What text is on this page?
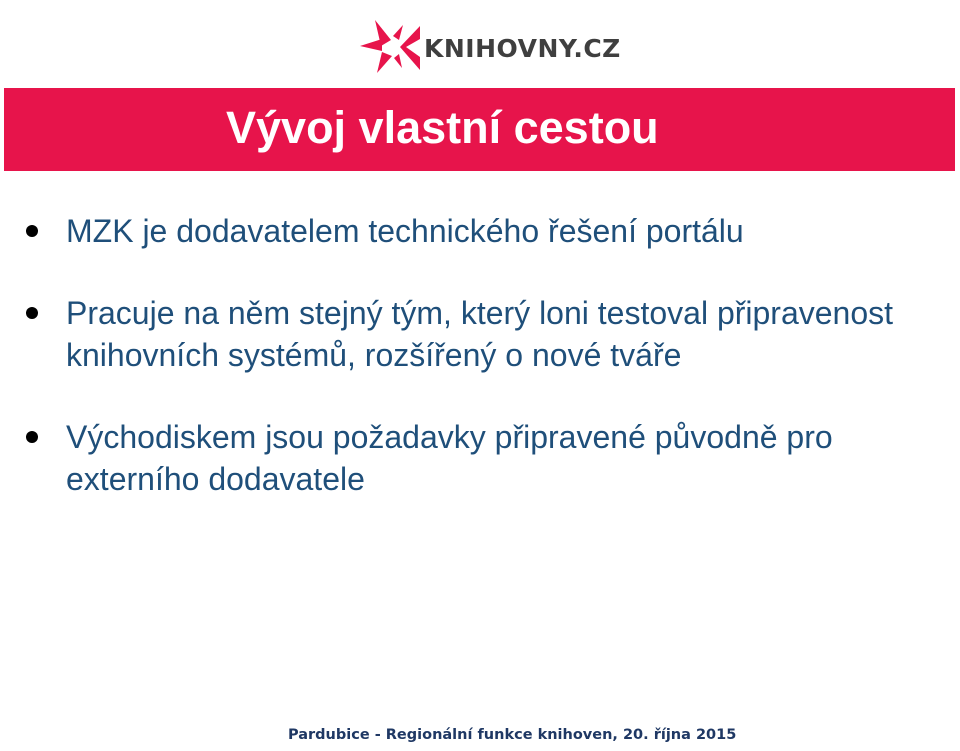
KNIHOVNY.CZ
Vývoj vlastní cestou
MZK je dodavatelem technického řešení portálu
Pracuje na něm stejný tým, který loni testoval připravenost knihovních systémů, rozšířený o nové tváře
Východiskem jsou požadavky připravené původně pro externího dodavatele
Pardubice - Regionální funkce knihoven, 20. října 2015
